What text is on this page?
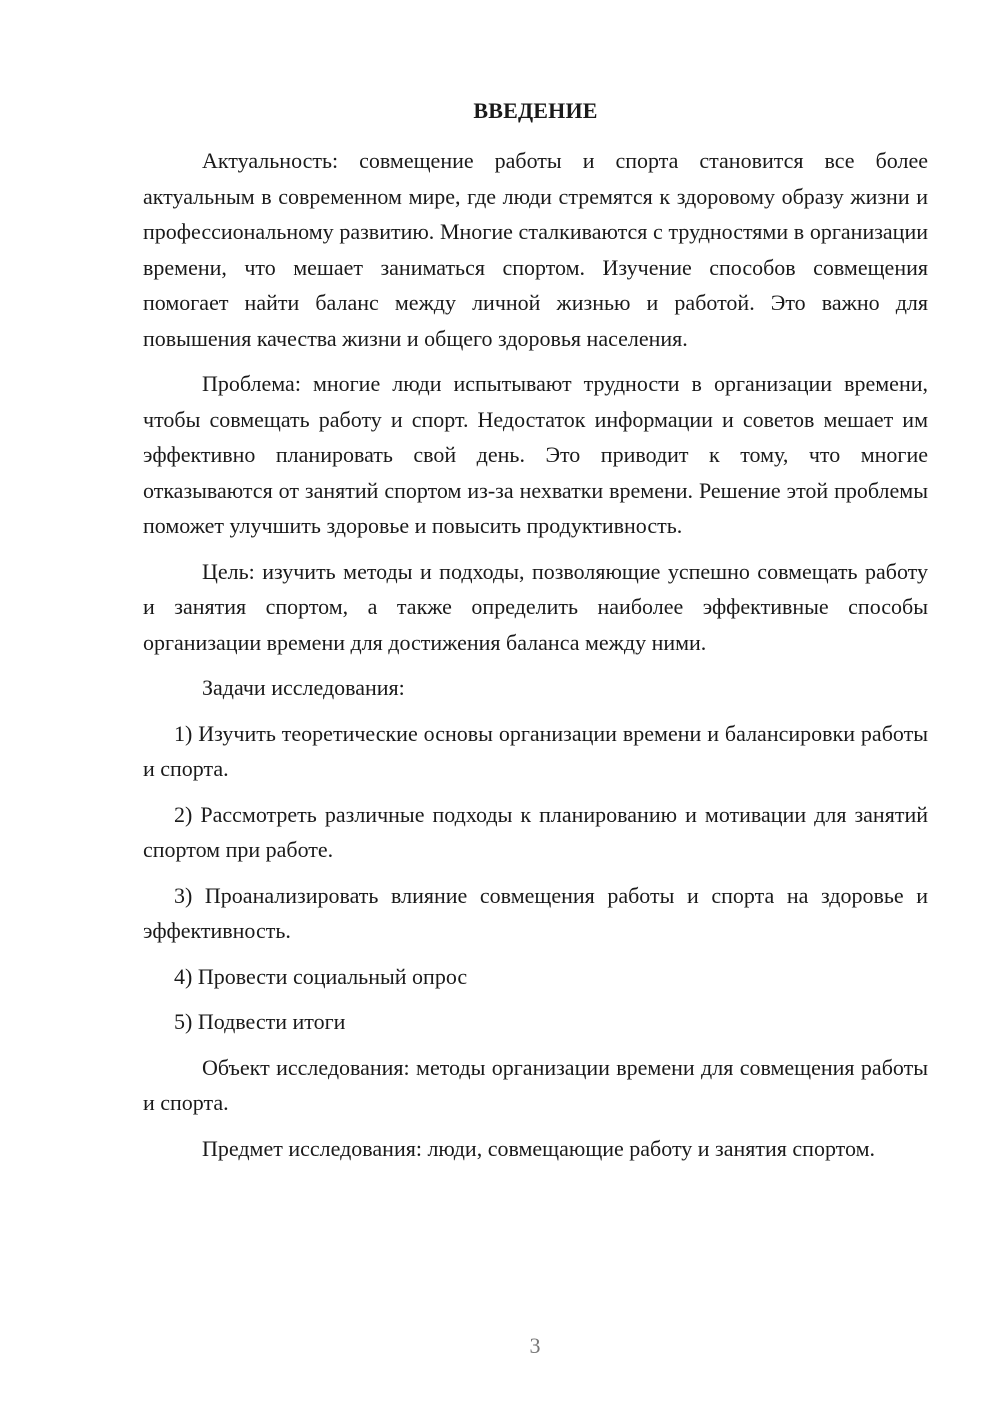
ВВЕДЕНИЕ

Актуальность: совмещение работы и спорта становится все более актуальным в современном мире, где люди стремятся к здоровому образу жизни и профессиональному развитию. Многие сталкиваются с трудностями в организации времени, что мешает заниматься спортом. Изучение способов совмещения помогает найти баланс между личной жизнью и работой. Это важно для повышения качества жизни и общего здоровья населения.

Проблема: многие люди испытывают трудности в организации времени, чтобы совмещать работу и спорт. Недостаток информации и советов мешает им эффективно планировать свой день. Это приводит к тому, что многие отказываются от занятий спортом из-за нехватки времени. Решение этой проблемы поможет улучшить здоровье и повысить продуктивность.

Цель: изучить методы и подходы, позволяющие успешно совмещать работу и занятия спортом, а также определить наиболее эффективные способы организации времени для достижения баланса между ними.

Задачи исследования:

1) Изучить теоретические основы организации времени и балансировки работы и спорта.

2) Рассмотреть различные подходы к планированию и мотивации для занятий спортом при работе.

3) Проанализировать влияние совмещения работы и спорта на здоровье и эффективность.

4) Провести социальный опрос

5) Подвести итоги

Объект исследования: методы организации времени для совмещения работы и спорта.

Предмет исследования: люди, совмещающие работу и занятия спортом.

3
